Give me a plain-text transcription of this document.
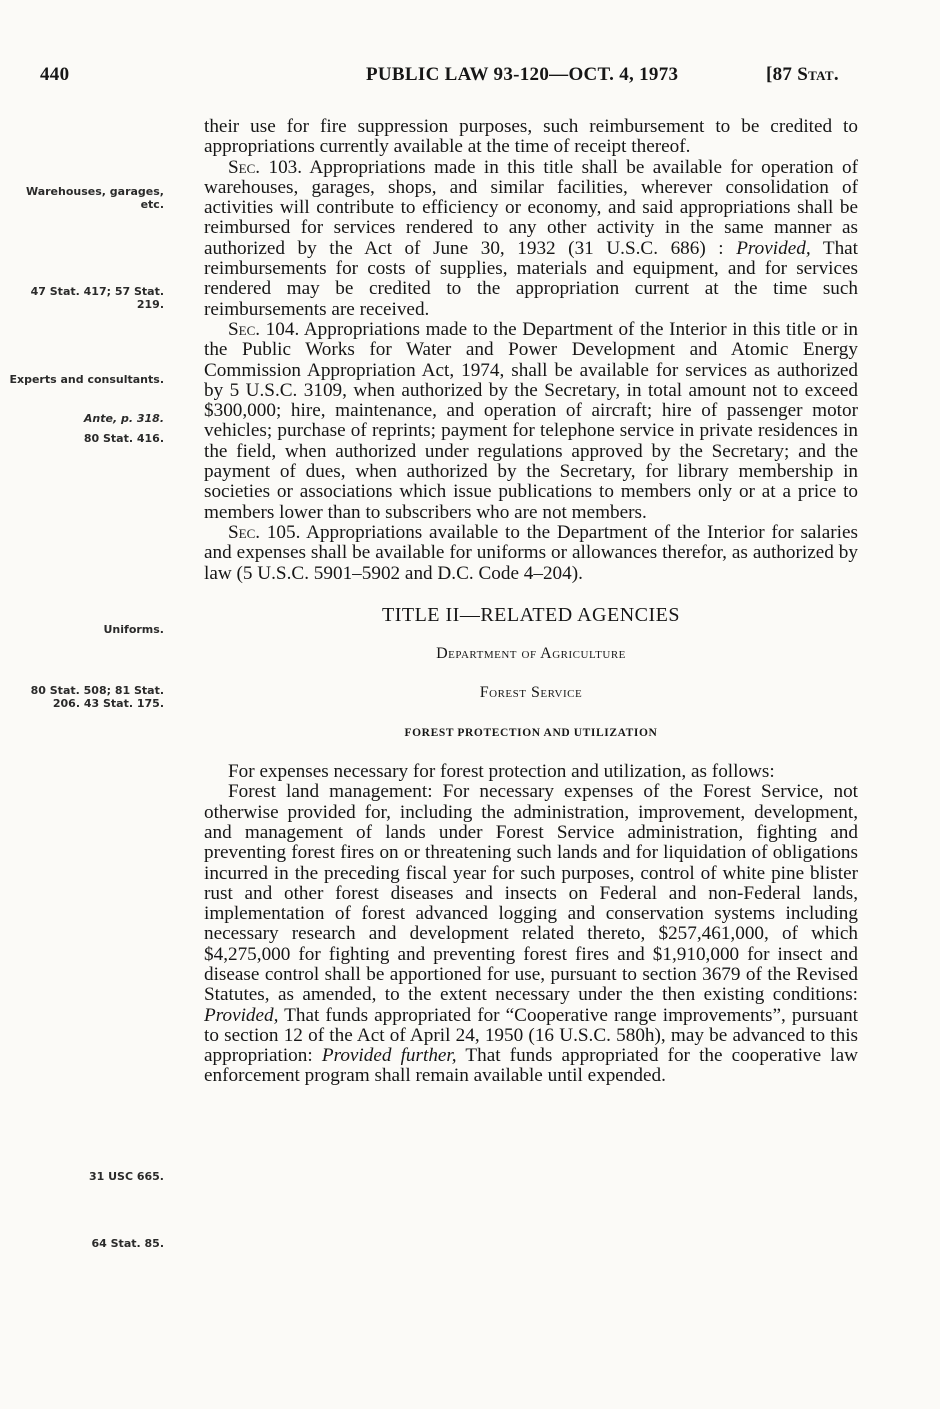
440	PUBLIC LAW 93-120—OCT. 4, 1973	[87 Stat.
Warehouses, garages, etc.
47 Stat. 417; 57 Stat. 219.
Experts and consultants.
Ante, p. 318.
80 Stat. 416.
Uniforms.
80 Stat. 508; 81 Stat. 206. 43 Stat. 175.
31 USC 665.
64 Stat. 85.

their use for fire suppression purposes, such reimbursement to be credited to appropriations currently available at the time of receipt thereof.

Sec. 103. Appropriations made in this title shall be available for operation of warehouses, garages, shops, and similar facilities, wherever consolidation of activities will contribute to efficiency or economy, and said appropriations shall be reimbursed for services rendered to any other activity in the same manner as authorized by the Act of June 30, 1932 (31 U.S.C. 686) : Provided, That reimbursements for costs of supplies, materials and equipment, and for services rendered may be credited to the appropriation current at the time such reimbursements are received.

Sec. 104. Appropriations made to the Department of the Interior in this title or in the Public Works for Water and Power Development and Atomic Energy Commission Appropriation Act, 1974, shall be available for services as authorized by 5 U.S.C. 3109, when authorized by the Secretary, in total amount not to exceed $300,000; hire, maintenance, and operation of aircraft; hire of passenger motor vehicles; purchase of reprints; payment for telephone service in private residences in the field, when authorized under regulations approved by the Secretary; and the payment of dues, when authorized by the Secretary, for library membership in societies or associations which issue publications to members only or at a price to members lower than to subscribers who are not members.

Sec. 105. Appropriations available to the Department of the Interior for salaries and expenses shall be available for uniforms or allowances therefor, as authorized by law (5 U.S.C. 5901–5902 and D.C. Code 4–204).

TITLE II—RELATED AGENCIES
Department of Agriculture
Forest Service
FOREST PROTECTION AND UTILIZATION

For expenses necessary for forest protection and utilization, as follows:

Forest land management: For necessary expenses of the Forest Service, not otherwise provided for, including the administration, improvement, development, and management of lands under Forest Service administration, fighting and preventing forest fires on or threatening such lands and for liquidation of obligations incurred in the preceding fiscal year for such purposes, control of white pine blister rust and other forest diseases and insects on Federal and non-Federal lands, implementation of forest advanced logging and conservation systems including necessary research and development related thereto, $257,461,000, of which $4,275,000 for fighting and preventing forest fires and $1,910,000 for insect and disease control shall be apportioned for use, pursuant to section 3679 of the Revised Statutes, as amended, to the extent necessary under the then existing conditions: Provided, That funds appropriated for “Cooperative range improvements”, pursuant to section 12 of the Act of April 24, 1950 (16 U.S.C. 580h), may be advanced to this appropriation: Provided further, That funds appropriated for the cooperative law enforcement program shall remain available until expended.
